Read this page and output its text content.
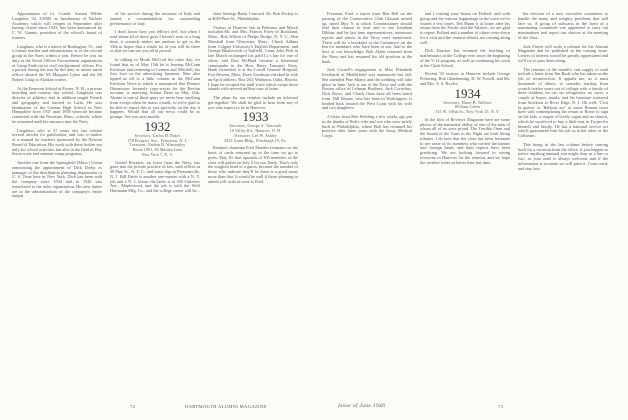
Appointment of Lt. Comdr. Ansten Wilder Laughton '32, USNR, as headmaster of Nichols Academy which will reopen in September after having closed since 1943, has been announced by C. W. Gannis, president of the school's board of trustees.

Laughton, who is a native of Burlington, Vt., and a former teacher and administrator, is of the second group in the Navy within a year. Before he was on duty at the Naval Officer Procurement organization at Camp Endicott in civil readjustment offices. For a period during the war he did duty as senior naval officer aboard the SS Margaret Lykes and the SS Robert Craig in Alaskan waters.

At the Emerson School at Exeter, N. H., a private boarding and country day school, Laughton was director of athletics and in addition taught French and geography and tutored in Latin. He was headmaster of the Canaan High School in New Hampshire from 1937 until 1938 when he became connected with the Newman, Mass., schools, where he remained until his entrance into the Navy.

Laughton, who is 37 years old, has written several articles for publication, and was co-author of a manual for teachers sponsored by the Newton Board of Education. His work with these bodies not only for school activities but also in the field of Boy Scout work and summer camp programs.

Another one from the Springfield (Mass.) Union announcing the appointment of Dick Derby as manager of the distribution planning department of U. S. Time here in New York. Dick has been with the company since 1934 and in 1940 was transferred to the sales organization. His new duties are in the administration of the company's entire output.

of his service during the invasion of Italy and earned a commendation for outstanding performance of duty.

I don't know how you fellows feel, but when I read about all of these guys I haven't seen in a long time, it certainly makes me anxious to get to the 15th in hopes that a whole lot of you will be there so that we can see you all in person.

In talking to Monk McCord the other day, we found that as of May 15th he is leaving McCann Erickson and returning to Lennen and Mitchell, his first love in the advertising business. Mac also tipped us off to a little column in the McCann Erickson News to which it announced that Eleanor Dinsmoore, formerly copy-writer for the Revlon account, is marrying Aleane Dean on May 14th. Aleane is one of those guys we never hear anything from except when he draws a bank, so we're glad to be able to report this to you precisely on the day it happens. Would that all our news could be as prompt. See you next month.

1932

Secretary, Carlos H. Baker

178 Prospect Ave., Princeton, N. J.

Treasurer, Nathan B. Winstanley

Room 1801, 80 Maiden Lane

New York 7, N. Y.

Gerald Boynton, on leave from the Navy, has gone into the private practice of law, with offices at 30 Pine St., N. Y. C., and some digs at Pleasantville, N. J. Bill Davis is another one-master with a N. Y. job and a N. J. home; the latter is at 350 Oakview Ave., Maplewood, and the job is with the Wolf Hartmann Mfg. Co., and the college career will be...

shire Savings Bank, Concord. Dr. Bob Dickey is at 4029 Pine St., Philadelphia.

Visitors at Hanover Inn in February and March included Mr. and Mrs. Francis Foley of Rockland, Mass., Bob Wilkin of Phelps Dodge, N. Y. C., Ben Marshall from Worcester, Mass., Chuck Adkins from Colgate University's English Department, and George Blodsworth of Suffield, Conn. John Fish in late March exchanged his gold Lt.'s bar for one of silver, and Don McPhail became a lieutenant commander in the Hon. Harry Truman's Navy. Hank Greenleaf is at the Lovell General Hospital, Fort Devens, Mass. Dave Goodman checked in with an April address: Box 263, Wahiawa, Oahu, Hawaii. I hope he escaped the tidal wave which swept those islands with several million tons of brine.

The plans for our reunion include an informal get-together. We shall be glad to hear from any of you who expect to be in Hanover.

1933

Secretary, George A. Theriault

10 Valley Rd., Hanover, N. H.

Treasurer, Lee W. Ashley

2812 Grant Bldg., Pittsburgh 19, Pa.

Reunion chairman Fred Marden estimates on the basis of cards returned up to the time we go to press, May 10, that upwards of 100 members of the class will gather on July 5 for our Tenth. That's only the toughest kind of a guess, because the number of those who indicate they'll be there is a good many more than that. It would be well if those planning to attend will write at once to Fred.

Freeman, Fred, a report from Ben Bell on the passing of the Conservative Club Glasnak turned up, dated May 9, at which Commissioner should find their chance to hear and to see Jonathan Dibbin; and by last time representatives, numerous reports and rumor in the Navy were mentioned. There will be a breakfast at the Commerce on the Inn for members who have been at sea. And to the best of our knowledge, Bob Alden returned from the Navy and has resumed his old position at the bank.

Jack Cornell's engagement to Miss Elizabeth Everhardt of Middlefield was announced last fall. She attended Pine Manor and the wedding will take place in June. Jack is out of the Navy and with the Boston office of Lehman Brothers. Jack Cornelius, Dick Rowe, and Chuck Ginn have all been heard from. Bill Bryant, who has been in Washington, is headed back toward the West Coast with his wife and two daughters.

A letter from Bob Fielding a few weeks ago put in the thanks of Bob's wife and son who were safely back in Philadelphia, where Bob has resumed his practice after three years with the Army Medical Corps.

and I visiting your house on Federal. and with going and the various happenings in the town we've visited a few times. Ted Mann is at home after his return from the Pacific and the Atlantic, we are glad to report. Pollard and a number of others were down for a visit and the reunion details are coming along well.

Dick Drucker has resumed the teaching of mathematics at the College ever since the beginning of the V-12 program, as well as continuing his work at the Clark School.

Recent '33 visitors to Hanover include George Pickering, Bob Glendenning, D. W. Powell, and Mr. and Mrs. S. S. Boyles.

1934

Secretary, Elmer B. Wallace

William Cohen

315 W. 106th St., New York 25, N. Y.

In the files of Reviews Magazine here are some photos of the memorial ability of one of the men of whom all of us were proud. The Terrible Ones and the Sound of the Guns in the Night are both fitting tributes. I do here that the class has been fortunate to see some of its members who carried the banner into foreign lands, and their reports have been gratifying. We are looking forward to seeing everyone in Hanover for the reunion, and we hope the weather treats us better than last time.

the election of a new executive committee to handle the many and weighty problems that will face us. A group of stalwarts in the form of a nominating committee was appointed to carry out nominations and report our choices at the meeting of the class.

Jack Frayer will write a column for the Alumni Magazine and be published in the coming issue. Letters of interest would be greatly appreciated and we'll try to pass them along.

The remains of the month's vast supply of mail include a letter from Jim Buck who has taken on the job of reconversion. It appalls me, as it must thousands of others, to consider starting from scratch twelve years out of college with a family of three children, no car, no refrigerator, no stove, a couple of hopes, trunks, and his furniture scattered from Stockton to River Edge, N. J. Oh well, 'C'est la guerre' or 'Balloon ace' as some Roman court have said contemplating his return to Rome to sign on his kids, a couple of lovely organ and no chariot, which he sacrificed to buy a little seat in Trojan for himself and family. He has a national service act which guaranteed him his job as ticket taker at the Coliseum.

This being in the last column before coming back for a vacation from the office, if you happen to notice anything unusual you might drop us a line or two, as your mail is always welcome and if the information is accurate we will print it. Come early and stay late.

72	DARTMOUTH ALUMNI MAGAZINE	Issue of June 1946	73
